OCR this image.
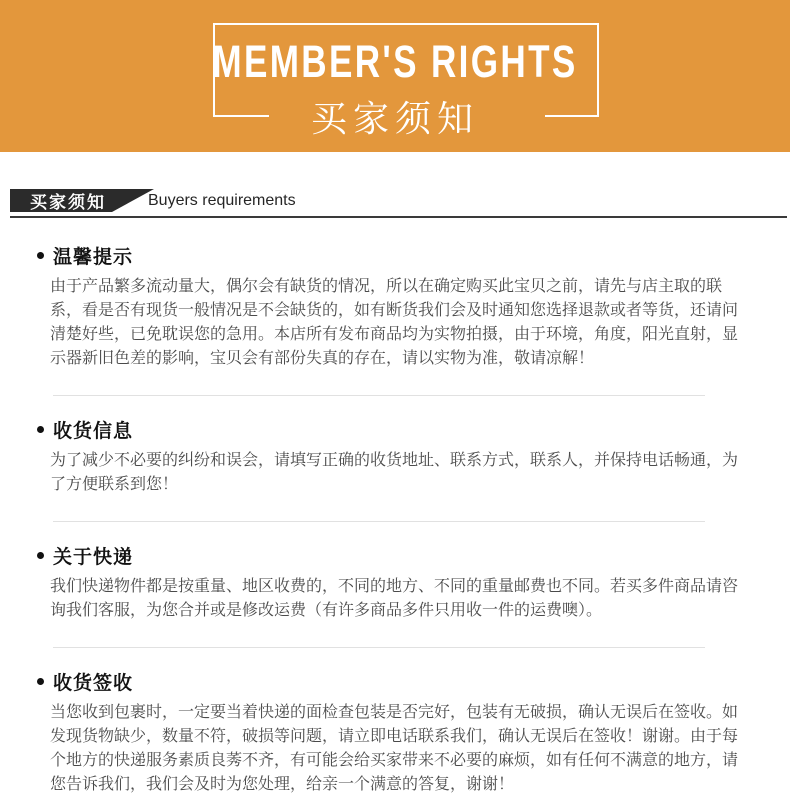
MEMBER'S RIGHTS
买家须知
买家须知	Buyers requirements
温馨提示
由于产品繁多流动量大，偶尔会有缺货的情况，所以在确定购买此宝贝之前，请先与店主取的联系，看是否有现货一般情况是不会缺货的，如有断货我们会及时通知您选择退款或者等货，还请问清楚好些，已免耽误您的急用。本店所有发布商品均为实物拍摄，由于环境，角度，阳光直射，显示器新旧色差的影响，宝贝会有部份失真的存在，请以实物为准，敬请凉解！
收货信息
为了减少不必要的纠纷和误会，请填写正确的收货地址、联系方式，联系人，并保持电话畅通，为了方便联系到您！
关于快递
我们快递物件都是按重量、地区收费的，不同的地方、不同的重量邮费也不同。若买多件商品请咨询我们客服，为您合并或是修改运费（有许多商品多件只用收一件的运费噢）。
收货签收
当您收到包裹时，一定要当着快递的面检查包装是否完好，包装有无破损，确认无误后在签收。如发现货物缺少，数量不符，破损等问题，请立即电话联系我们，确认无误后在签收！谢谢。由于每个地方的快递服务素质良莠不齐，有可能会给买家带来不必要的麻烦，如有任何不满意的地方，请您告诉我们，我们会及时为您处理，给亲一个满意的答复，谢谢！
